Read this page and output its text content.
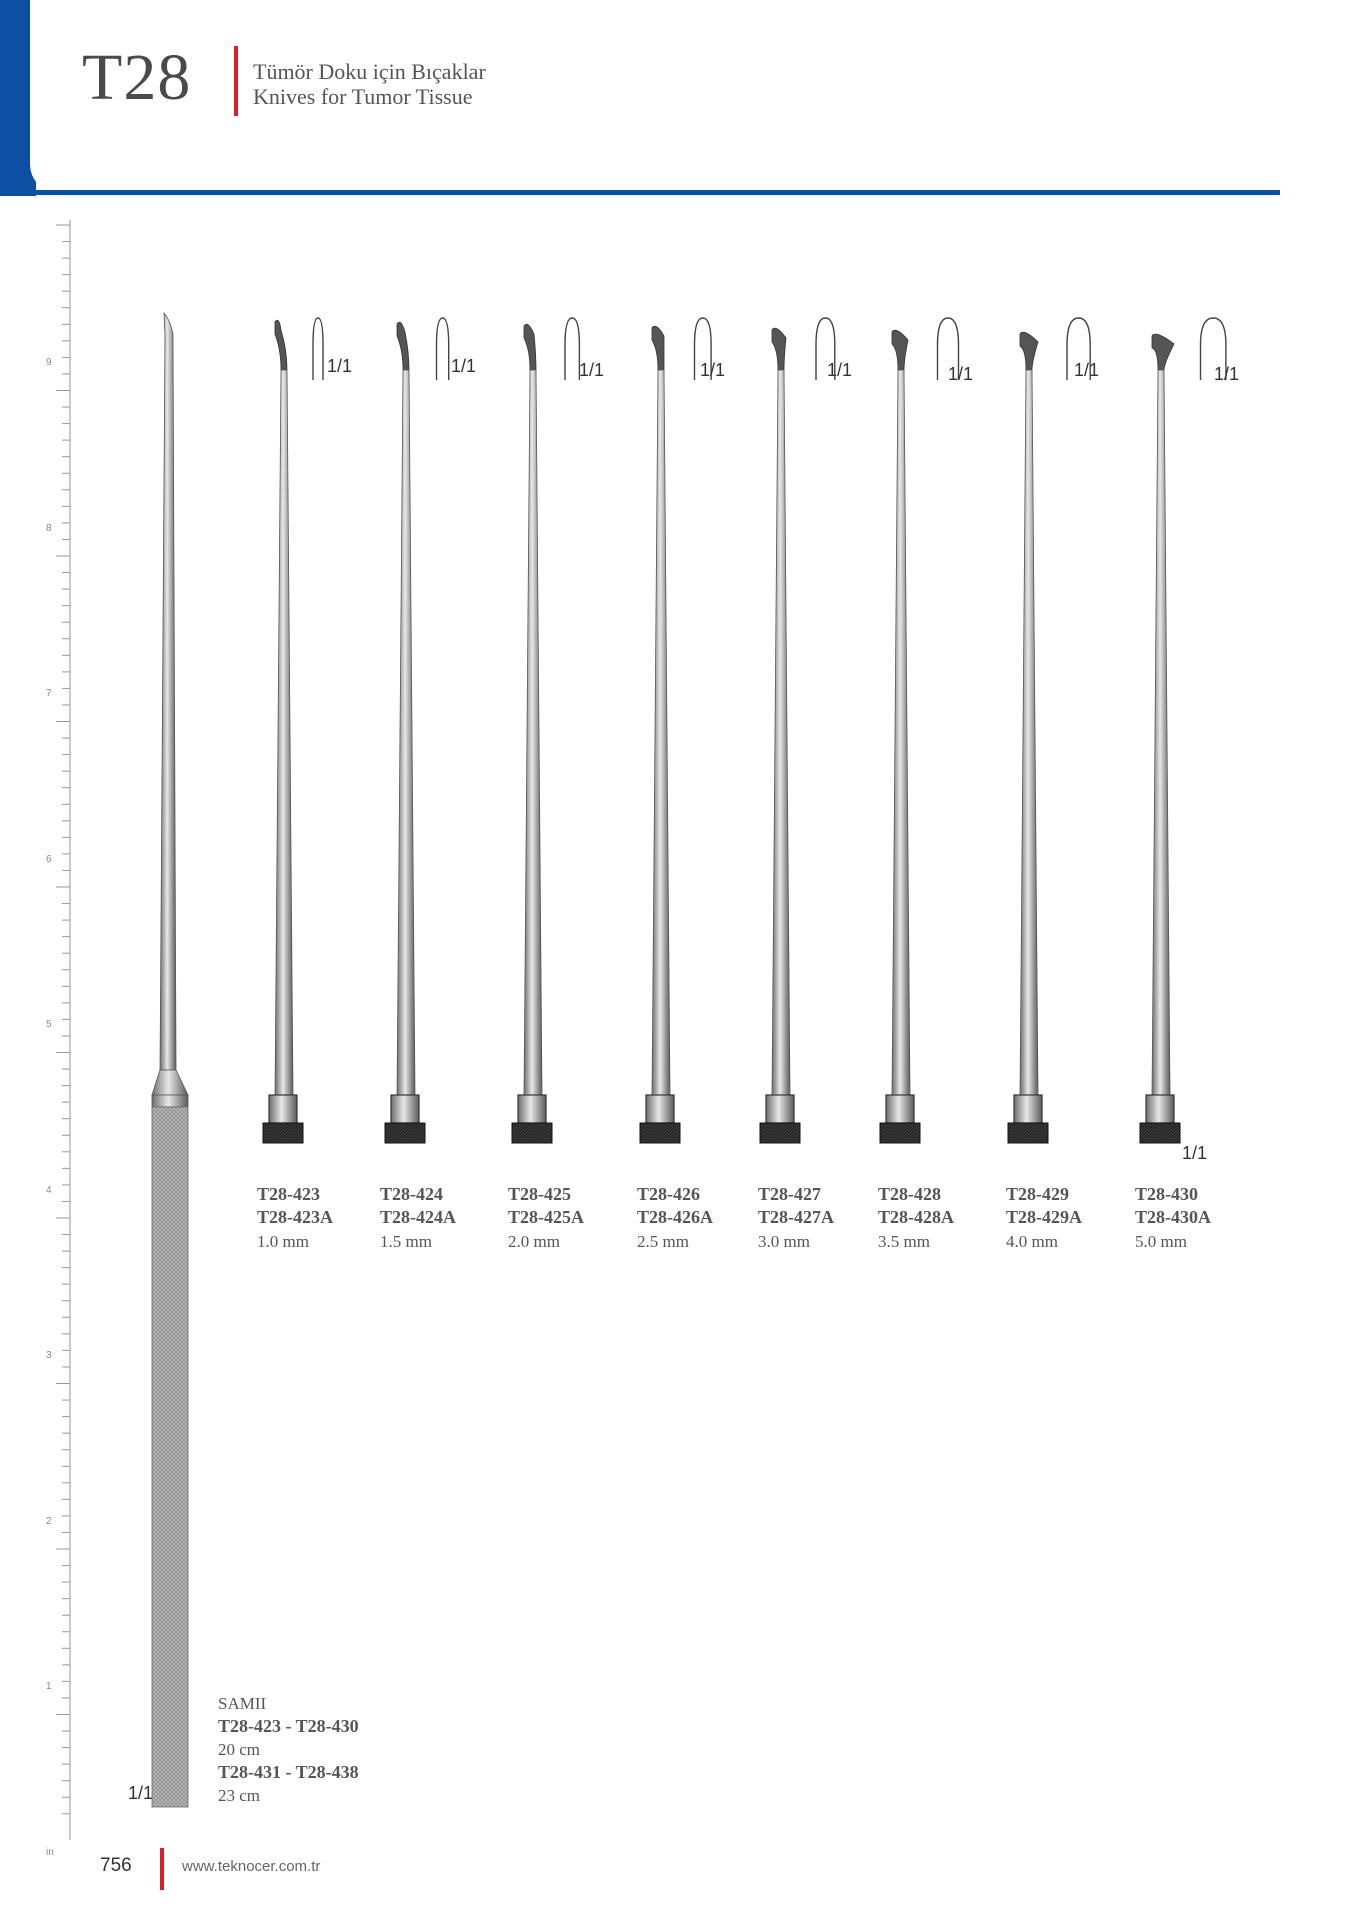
T28	Tümör Doku için Bıçaklar
Knives for Tumor Tissue
9
8
7
6
5
4
3
2
1
in
1/1	1/1	1/1	1/1	1/1	1/1	1/1	1/1
1/1
1/1
T28-423
T28-423A
1.0 mm
T28-424
T28-424A
1.5 mm
T28-425
T28-425A
2.0 mm
T28-426
T28-426A
2.5 mm
T28-427
T28-427A
3.0 mm
T28-428
T28-428A
3.5 mm
T28-429
T28-429A
4.0 mm
T28-430
T28-430A
5.0 mm
SAMII
T28-423 - T28-430
20 cm
T28-431 - T28-438
23 cm
756	www.teknocer.com.tr
